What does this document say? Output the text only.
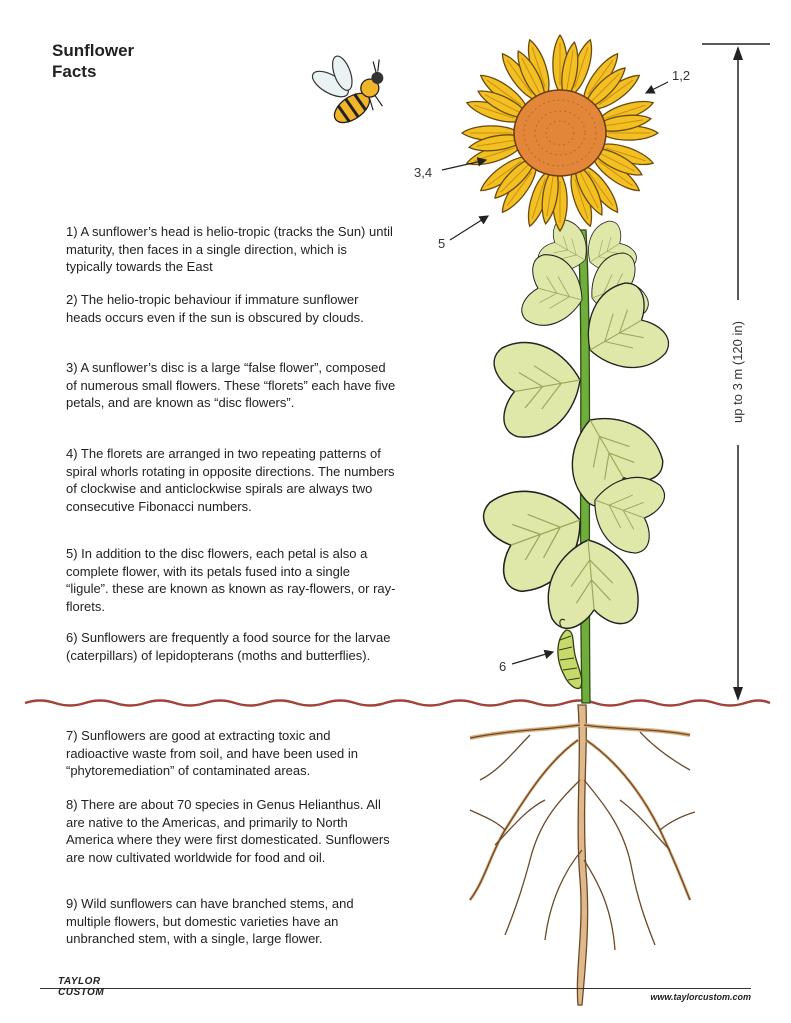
Sunflower
Facts

1) A sunflower’s head is helio-tropic (tracks the Sun) until maturity, then faces in a single direction, which is typically towards the East

2) The helio-tropic behaviour if immature sunflower heads occurs even if the sun is obscured by clouds.

3) A sunflower’s disc is a large “false flower”, composed of numerous small flowers. These “florets” each have five petals, and are known as “disc flowers”.

4) The florets are arranged in two repeating patterns of spiral whorls rotating in opposite directions. The numbers of clockwise and anticlockwise spirals are always two consecutive Fibonacci numbers.

5) In addition to the disc flowers, each petal is also a complete flower, with its petals fused into a single “ligule”. these are known as known as ray-flowers, or ray-florets.

6) Sunflowers are frequently a food source for the larvae (caterpillars) of lepidopterans (moths and butterflies).

7) Sunflowers are good at extracting toxic and radioactive waste from soil, and have been used in “phytoremediation” of contaminated areas.

8) There are about 70 species in Genus Helianthus. All are native to the Americas, and primarily to North America where they were first domesticated. Sunflowers are now cultivated worldwide for food and oil.

9) Wild sunflowers can have branched stems, and multiple flowers, but domestic varieties have an unbranched stem, with a single, large flower.

up to 3 m (120 in)
1,2
3,4
5
6
TAYLOR
CUSTOM	www.taylorcustom.com
